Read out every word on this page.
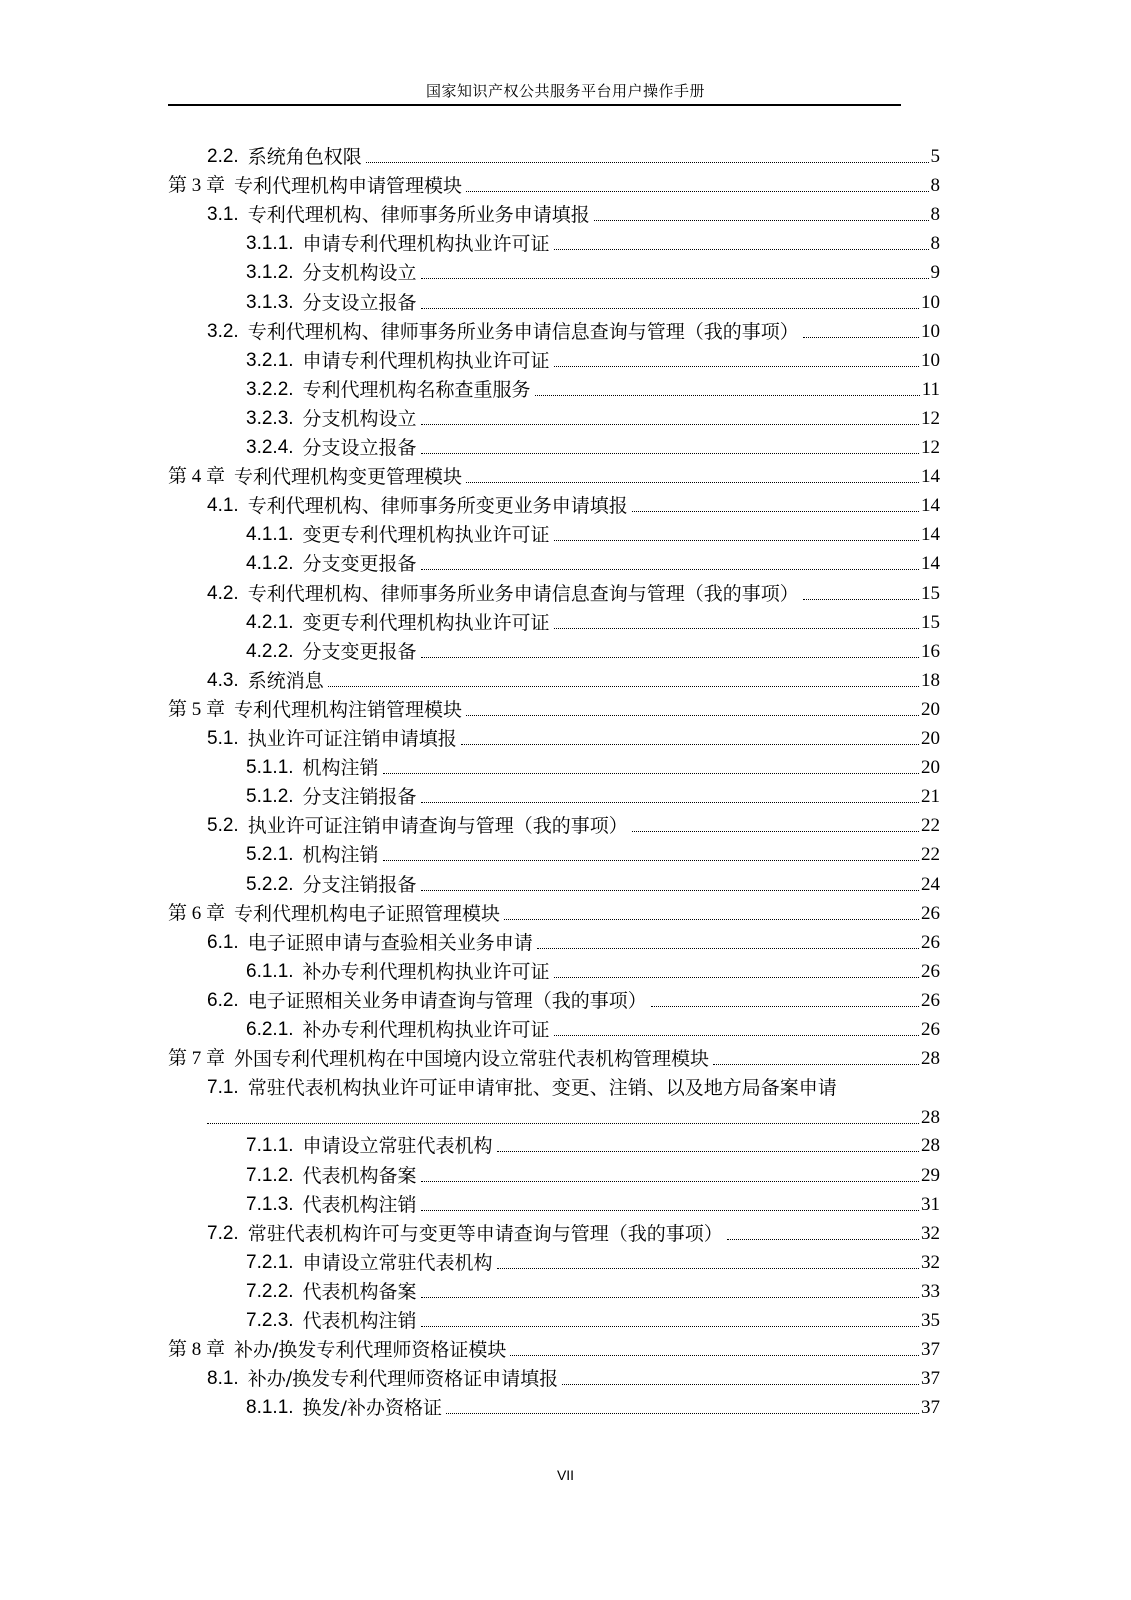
国家知识产权公共服务平台用户操作手册
2.2. 系统角色权限	5
第 3 章 专利代理机构申请管理模块	8
3.1. 专利代理机构、律师事务所业务申请填报	8
3.1.1. 申请专利代理机构执业许可证	8
3.1.2. 分支机构设立	9
3.1.3. 分支设立报备	10
3.2. 专利代理机构、律师事务所业务申请信息查询与管理（我的事项）	10
3.2.1. 申请专利代理机构执业许可证	10
3.2.2. 专利代理机构名称查重服务	11
3.2.3. 分支机构设立	12
3.2.4. 分支设立报备	12
第 4 章 专利代理机构变更管理模块	14
4.1. 专利代理机构、律师事务所变更业务申请填报	14
4.1.1. 变更专利代理机构执业许可证	14
4.1.2. 分支变更报备	14
4.2. 专利代理机构、律师事务所业务申请信息查询与管理（我的事项）	15
4.2.1. 变更专利代理机构执业许可证	15
4.2.2. 分支变更报备	16
4.3. 系统消息	18
第 5 章 专利代理机构注销管理模块	20
5.1. 执业许可证注销申请填报	20
5.1.1. 机构注销	20
5.1.2. 分支注销报备	21
5.2. 执业许可证注销申请查询与管理（我的事项）	22
5.2.1. 机构注销	22
5.2.2. 分支注销报备	24
第 6 章 专利代理机构电子证照管理模块	26
6.1. 电子证照申请与查验相关业务申请	26
6.1.1. 补办专利代理机构执业许可证	26
6.2. 电子证照相关业务申请查询与管理（我的事项）	26
6.2.1. 补办专利代理机构执业许可证	26
第 7 章 外国专利代理机构在中国境内设立常驻代表机构管理模块	28
7.1. 常驻代表机构执业许可证申请审批、变更、注销、以及地方局备案申请
28
7.1.1. 申请设立常驻代表机构	28
7.1.2. 代表机构备案	29
7.1.3. 代表机构注销	31
7.2. 常驻代表机构许可与变更等申请查询与管理（我的事项）	32
7.2.1. 申请设立常驻代表机构	32
7.2.2. 代表机构备案	33
7.2.3. 代表机构注销	35
第 8 章 补办/换发专利代理师资格证模块	37
8.1. 补办/换发专利代理师资格证申请填报	37
8.1.1. 换发/补办资格证	37
VII
